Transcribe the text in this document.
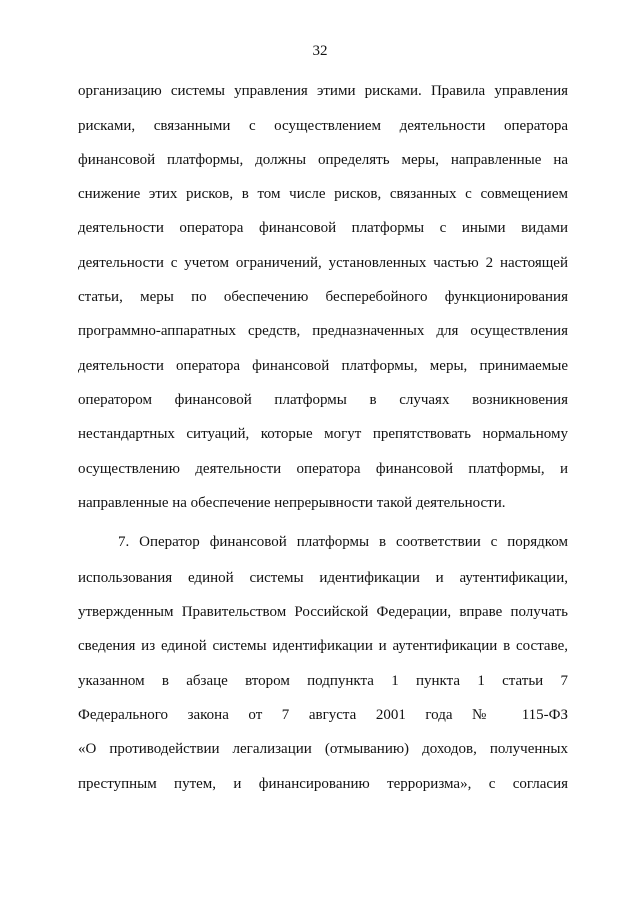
32
организацию системы управления этими рисками. Правила управления
рисками, связанными с осуществлением деятельности оператора
финансовой платформы, должны определять меры, направленные на
снижение этих рисков, в том числе рисков, связанных с совмещением
деятельности оператора финансовой платформы с иными видами
деятельности с учетом ограничений, установленных частью 2 настоящей
статьи, меры по обеспечению бесперебойного функционирования
программно-аппаратных средств, предназначенных для осуществления
деятельности оператора финансовой платформы, меры, принимаемые
оператором финансовой платформы в случаях возникновения
нестандартных ситуаций, которые могут препятствовать нормальному
осуществлению деятельности оператора финансовой платформы, и
направленные на обеспечение непрерывности такой деятельности.
7. Оператор финансовой платформы в соответствии с порядком
использования единой системы идентификации и аутентификации,
утвержденным Правительством Российской Федерации, вправе получать
сведения из единой системы идентификации и аутентификации в составе,
указанном в абзаце втором подпункта 1 пункта 1 статьи 7
Федерального закона от 7 августа 2001 года № 115-ФЗ
«О противодействии легализации (отмыванию) доходов, полученных
преступным путем, и финансированию терроризма», с согласия
